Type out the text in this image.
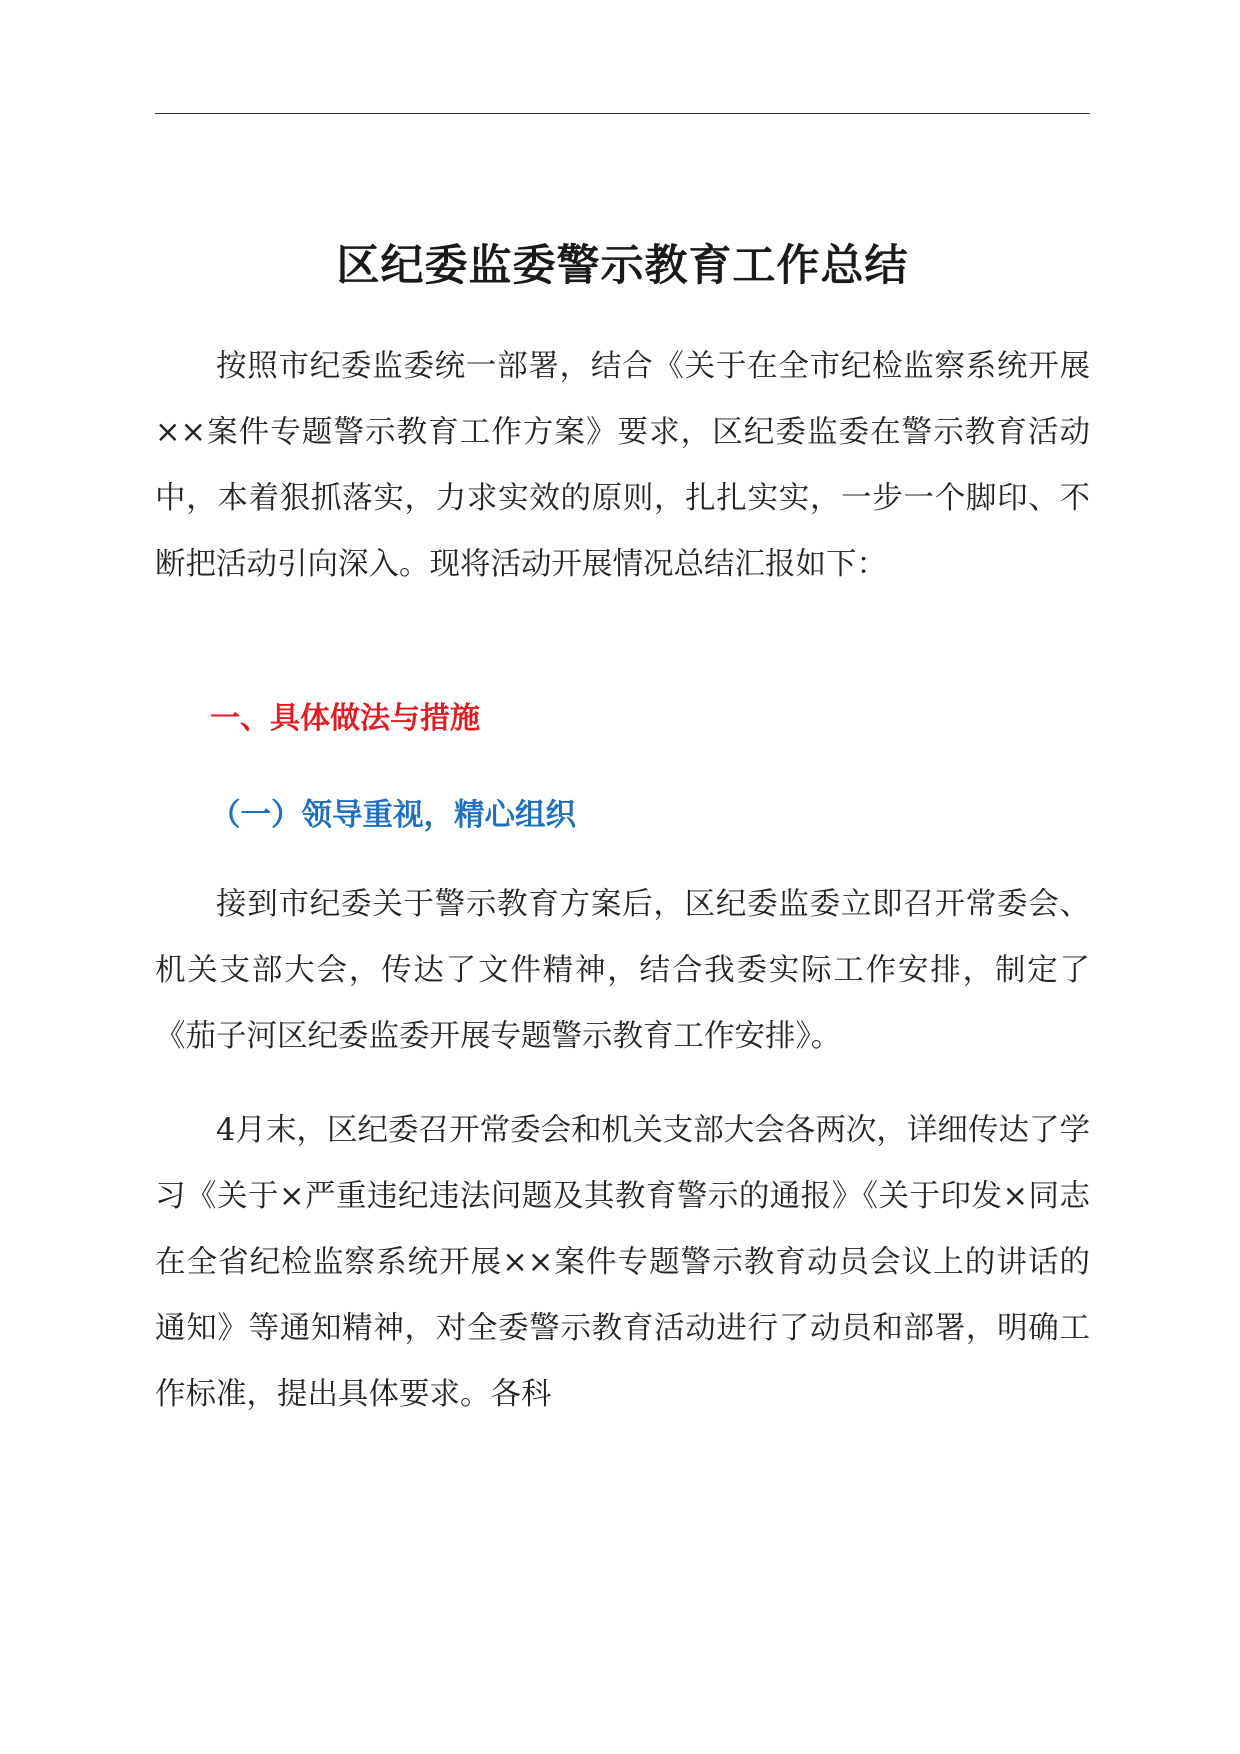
区纪委监委警示教育工作总结

按照市纪委监委统一部署，结合《关于在全市纪检监察系统开展××案件专题警示教育工作方案》要求，区纪委监委在警示教育活动中，本着狠抓落实，力求实效的原则，扎扎实实，一步一个脚印、不断把活动引向深入。现将活动开展情况总结汇报如下：

一、具体做法与措施
（一）领导重视，精心组织

接到市纪委关于警示教育方案后，区纪委监委立即召开常委会、机关支部大会，传达了文件精神，结合我委实际工作安排，制定了《茄子河区纪委监委开展专题警示教育工作安排》。

4月末，区纪委召开常委会和机关支部大会各两次，详细传达了学习《关于×严重违纪违法问题及其教育警示的通报》《关于印发×同志在全省纪检监察系统开展××案件专题警示教育动员会议上的讲话的通知》等通知精神，对全委警示教育活动进行了动员和部署，明确工作标准，提出具体要求。各科
